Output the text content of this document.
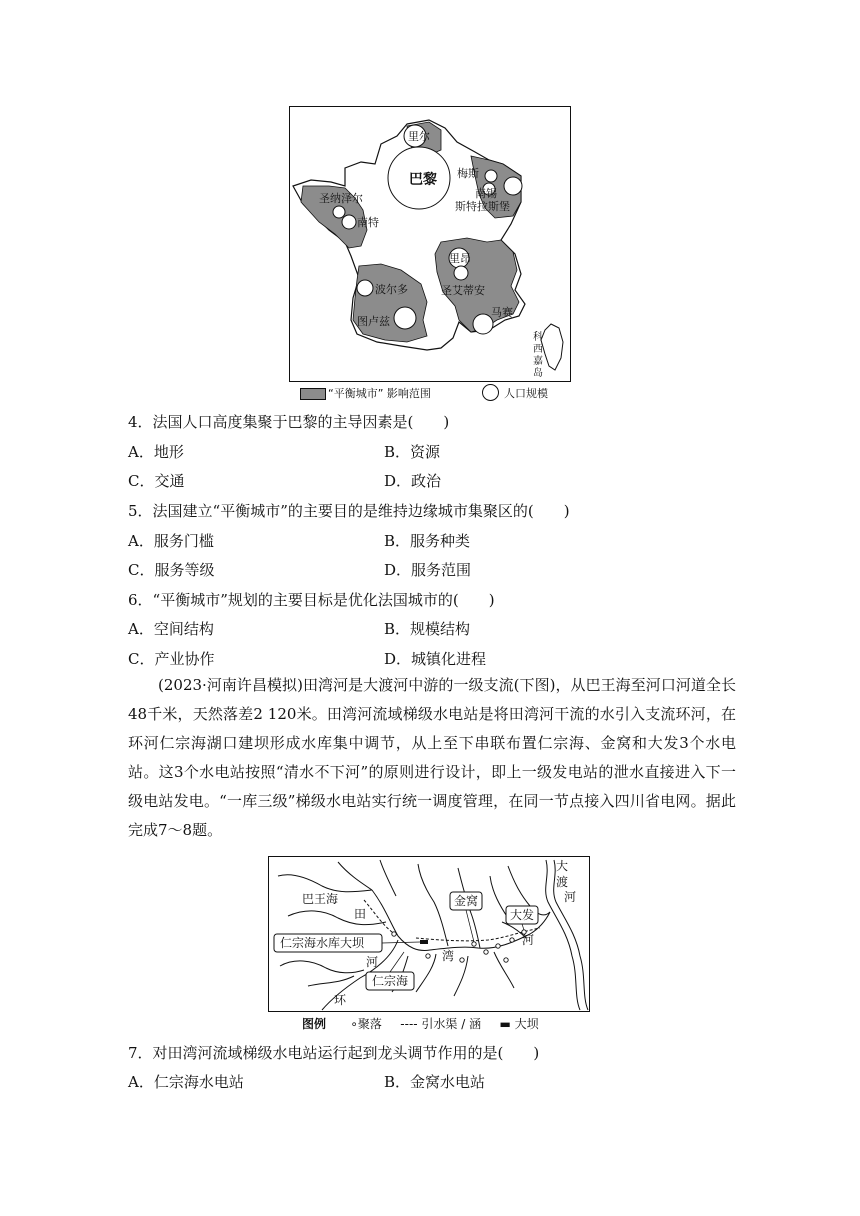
巴黎
里尔
梅斯
南锡
斯特拉斯堡
圣纳泽尔
南特
里昂
圣艾蒂安
波尔多
图卢兹
马赛
科西嘉岛
“平衡城市” 影响范围	人口规模
4．法国人口高度集聚于巴黎的主导因素是(　　)
A．地形	B．资源
C．交通	D．政治
5．法国建立“平衡城市”的主要目的是维持边缘城市集聚区的(　　)
A．服务门槛	B．服务种类
C．服务等级	D．服务范围
6．“平衡城市”规划的主要目标是优化法国城市的(　　)
A．空间结构	B．规模结构
C．产业协作	D．城镇化进程
(2023·河南许昌模拟)田湾河是大渡河中游的一级支流(下图)，从巴王海至河口河道全长48千米，天然落差2 120米。田湾河流域梯级水电站是将田湾河干流的水引入支流环河，在环河仁宗海湖口建坝形成水库集中调节，从上至下串联布置仁宗海、金窝和大发3个水电站。这3个水电站按照“清水不下河”的原则进行设计，即上一级发电站的泄水直接进入下一级电站发电。“一库三级”梯级水电站实行统一调度管理，在同一节点接入四川省电网。据此完成7～8题。
大
渡
河
巴王海
田
河
环
湾
河
金窝
大发
仁宗海水库大坝
仁宗海
图例 ∘聚落 ---- 引水渠 / 涵 ▬ 大坝
7．对田湾河流域梯级水电站运行起到龙头调节作用的是(　　)
A．仁宗海水电站	B．金窝水电站
